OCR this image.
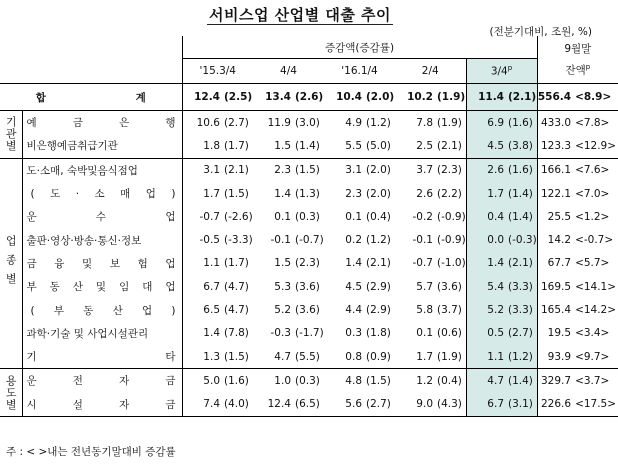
서비스업 산업별 대출 추이
(전분기대비, 조원, %)
		증감액(증감률)										9월말
잔액$^p$

		'15.3/4		4/4		'16.1/4		2/4		3/4$^p$
합 계		12.4	(2.5)	13.4	(2.6)	10.4	(2.0)	10.2	(1.9)	11.4	(2.1)	556.4	<8.9>

기관별	예 금 은 행	10.6	(2.7)	11.9	(3.0)	4.9	(1.2)	7.8	(1.9)	6.9	(1.6)	433.0	<7.8>
	비은행예금취급기관	1.8	(1.7)	1.5	(1.4)	5.5	(5.0)	2.5	(2.1)	4.5	(3.8)	123.3	<12.9>

업종별	도·소매, 숙박및음식점업	3.1	(2.1)	2.3	(1.5)	3.1	(2.0)	3.7	(2.3)	2.6	(1.6)	166.1	<7.6>
	( 도 · 소 매 업 )	1.7	(1.5)	1.4	(1.3)	2.3	(2.0)	2.6	(2.2)	1.7	(1.4)	122.1	<7.0>
	운 수 업	-0.7	(-2.6)	0.1	(0.3)	0.1	(0.4)	-0.2	(-0.9)	0.4	(1.4)	25.5	<1.2>
	출판·영상·방송·통신·정보	-0.5	(-3.3)	-0.1	(-0.7)	0.2	(1.2)	-0.1	(-0.9)	0.0	(-0.3)	14.2	<-0.7>
	금 융 및 보 험 업	1.1	(1.7)	1.5	(2.3)	1.4	(2.1)	-0.7	(-1.0)	1.4	(2.1)	67.7	<5.7>
	부 동 산 및 임 대 업	6.7	(4.7)	5.3	(3.6)	4.5	(2.9)	5.7	(3.6)	5.4	(3.3)	169.5	<14.1>
	( 부 동 산 업 )	6.5	(4.7)	5.2	(3.6)	4.4	(2.9)	5.8	(3.7)	5.2	(3.3)	165.4	<14.2>
	과학·기술 및 사업시설관리	1.4	(7.8)	-0.3	(-1.7)	0.3	(1.8)	0.1	(0.6)	0.5	(2.7)	19.5	<3.4>
	기 타	1.3	(1.5)	4.7	(5.5)	0.8	(0.9)	1.7	(1.9)	1.1	(1.2)	93.9	<9.7>

용도별	운 전 자 금	5.0	(1.6)	1.0	(0.3)	4.8	(1.5)	1.2	(0.4)	4.7	(1.4)	329.7	<3.7>
	시 설 자 금	7.4	(4.0)	12.4	(6.5)	5.6	(2.7)	9.0	(4.3)	6.7	(3.1)	226.6	<17.5>
주 : < >내는 전년동기말대비 증감률
